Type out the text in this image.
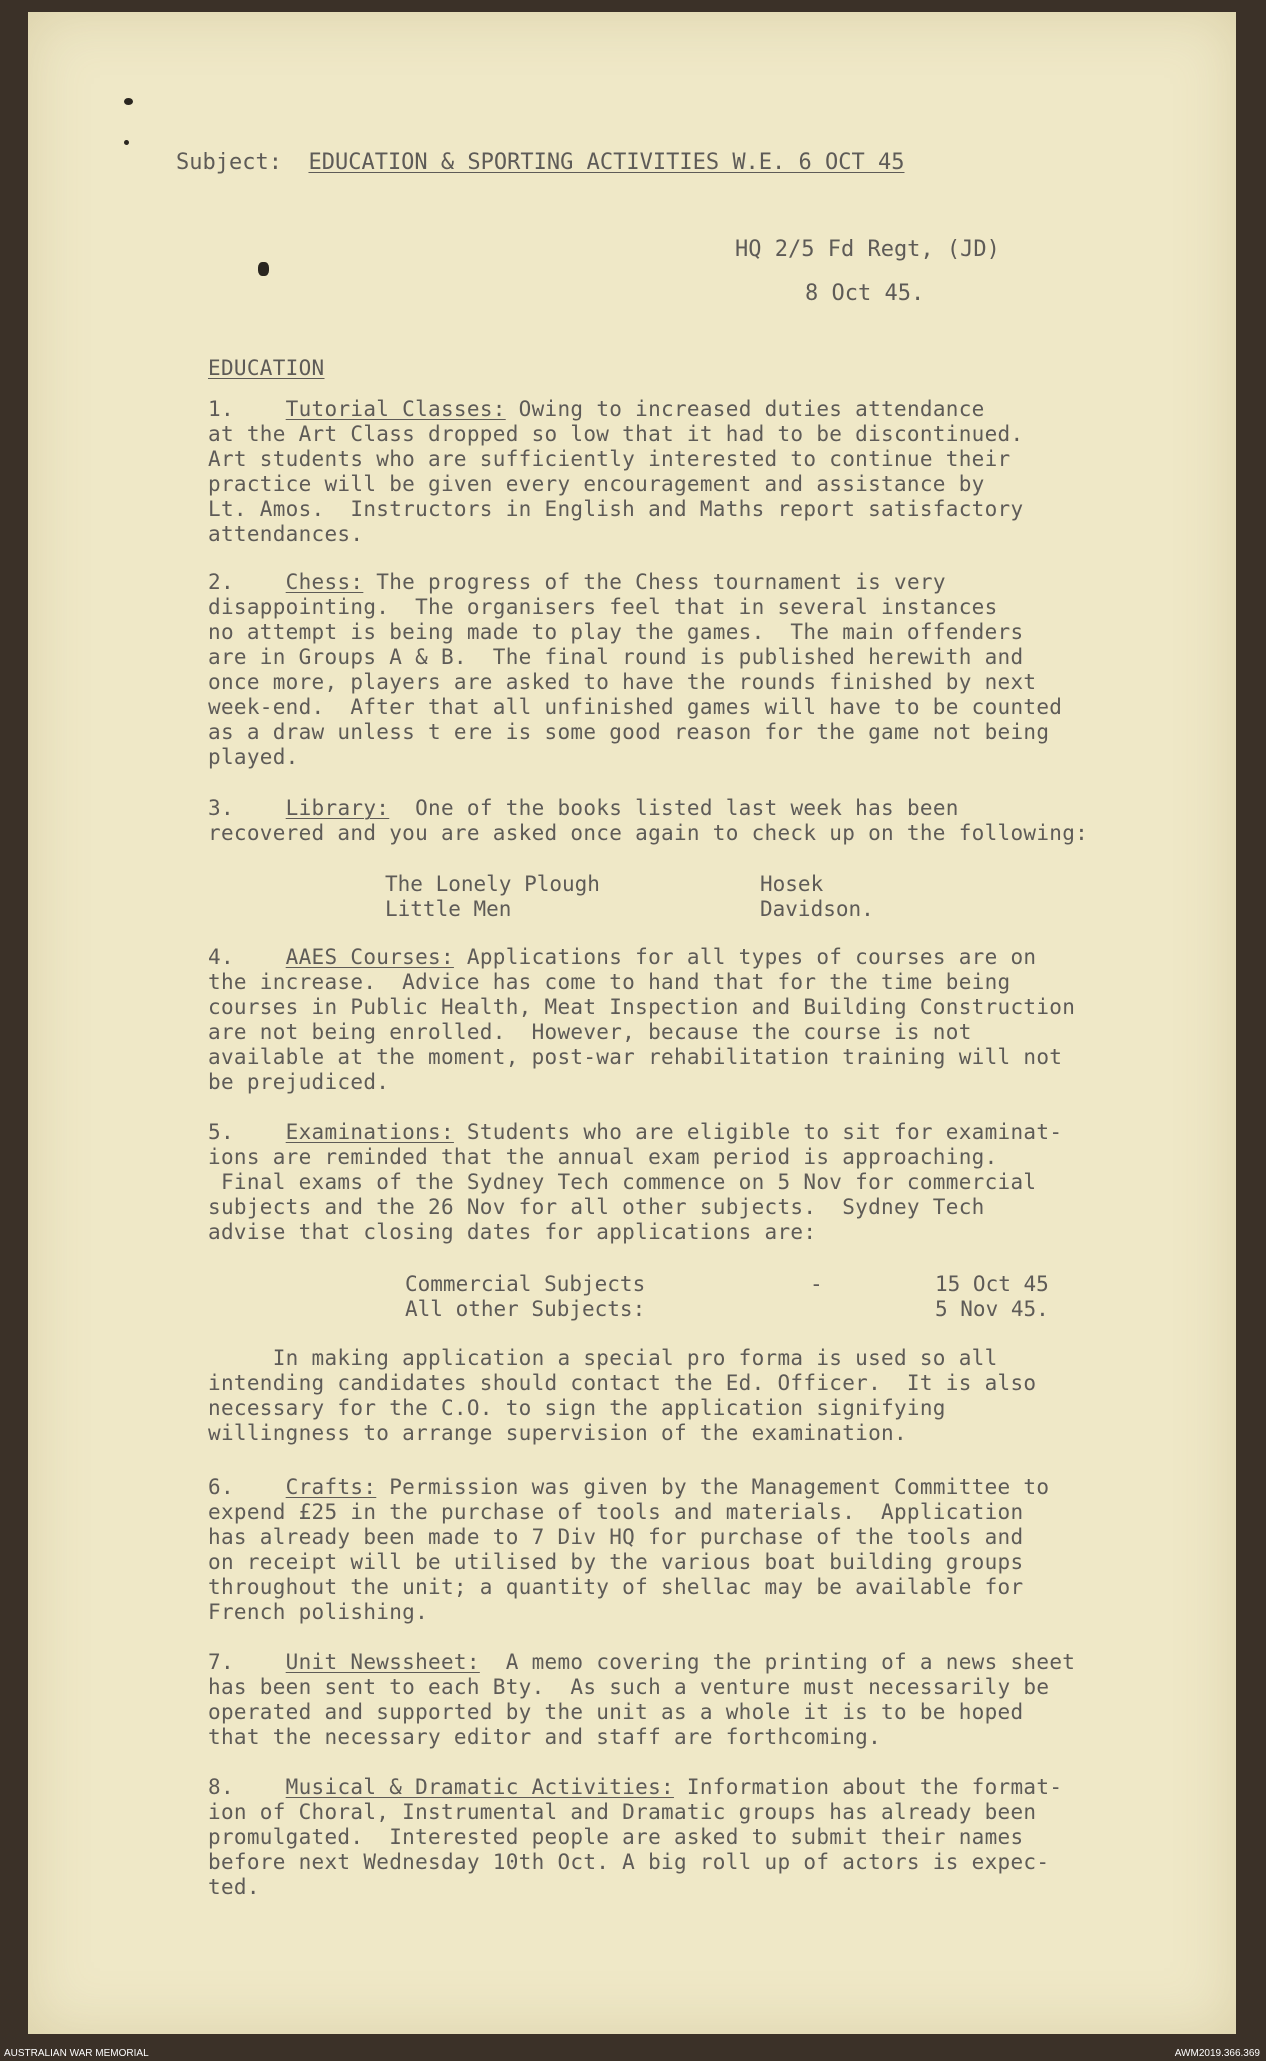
Subject: EDUCATION & SPORTING ACTIVITIES W.E. 6 OCT 45
HQ 2/5 Fd Regt, (JD)
8 Oct 45.
EDUCATION
1. Tutorial Classes: Owing to increased duties attendance
at the Art Class dropped so low that it had to be discontinued.
Art students who are sufficiently interested to continue their
practice will be given every encouragement and assistance by
Lt. Amos.  Instructors in English and Maths report satisfactory
attendances.
2. Chess: The progress of the Chess tournament is very
disappointing.  The organisers feel that in several instances
no attempt is being made to play the games.  The main offenders
are in Groups A & B.  The final round is published herewith and
once more, players are asked to have the rounds finished by next
week-end.  After that all unfinished games will have to be counted
as a draw unless t ere is some good reason for the game not being
played.
3. Library:  One of the books listed last week has been
recovered and you are asked once again to check up on the following:
The Lonely Plough
Little Men
Hosek
Davidson.
4. AAES Courses: Applications for all types of courses are on
the increase.  Advice has come to hand that for the time being
courses in Public Health, Meat Inspection and Building Construction
are not being enrolled.  However, because the course is not
available at the moment, post-war rehabilitation training will not
be prejudiced.
5. Examinations: Students who are eligible to sit for examinat-
ions are reminded that the annual exam period is approaching.
Final exams of the Sydney Tech commence on 5 Nov for commercial
subjects and the 26 Nov for all other subjects.  Sydney Tech
advise that closing dates for applications are:
Commercial Subjects
All other Subjects:
-	15 Oct 45
5 Nov 45.
In making application a special pro forma is used so all
intending candidates should contact the Ed. Officer.  It is also
necessary for the C.O. to sign the application signifying
willingness to arrange supervision of the examination.
6. Crafts: Permission was given by the Management Committee to
expend £25 in the purchase of tools and materials.  Application
has already been made to 7 Div HQ for purchase of the tools and
on receipt will be utilised by the various boat building groups
throughout the unit; a quantity of shellac may be available for
French polishing.
7. Unit Newssheet:  A memo covering the printing of a news sheet
has been sent to each Bty.  As such a venture must necessarily be
operated and supported by the unit as a whole it is to be hoped
that the necessary editor and staff are forthcoming.
8. Musical & Dramatic Activities: Information about the format-
ion of Choral, Instrumental and Dramatic groups has already been
promulgated.  Interested people are asked to submit their names
before next Wednesday 10th Oct. A big roll up of actors is expec-
ted.
AUSTRALIAN WAR MEMORIAL	AWM2019.366.369
